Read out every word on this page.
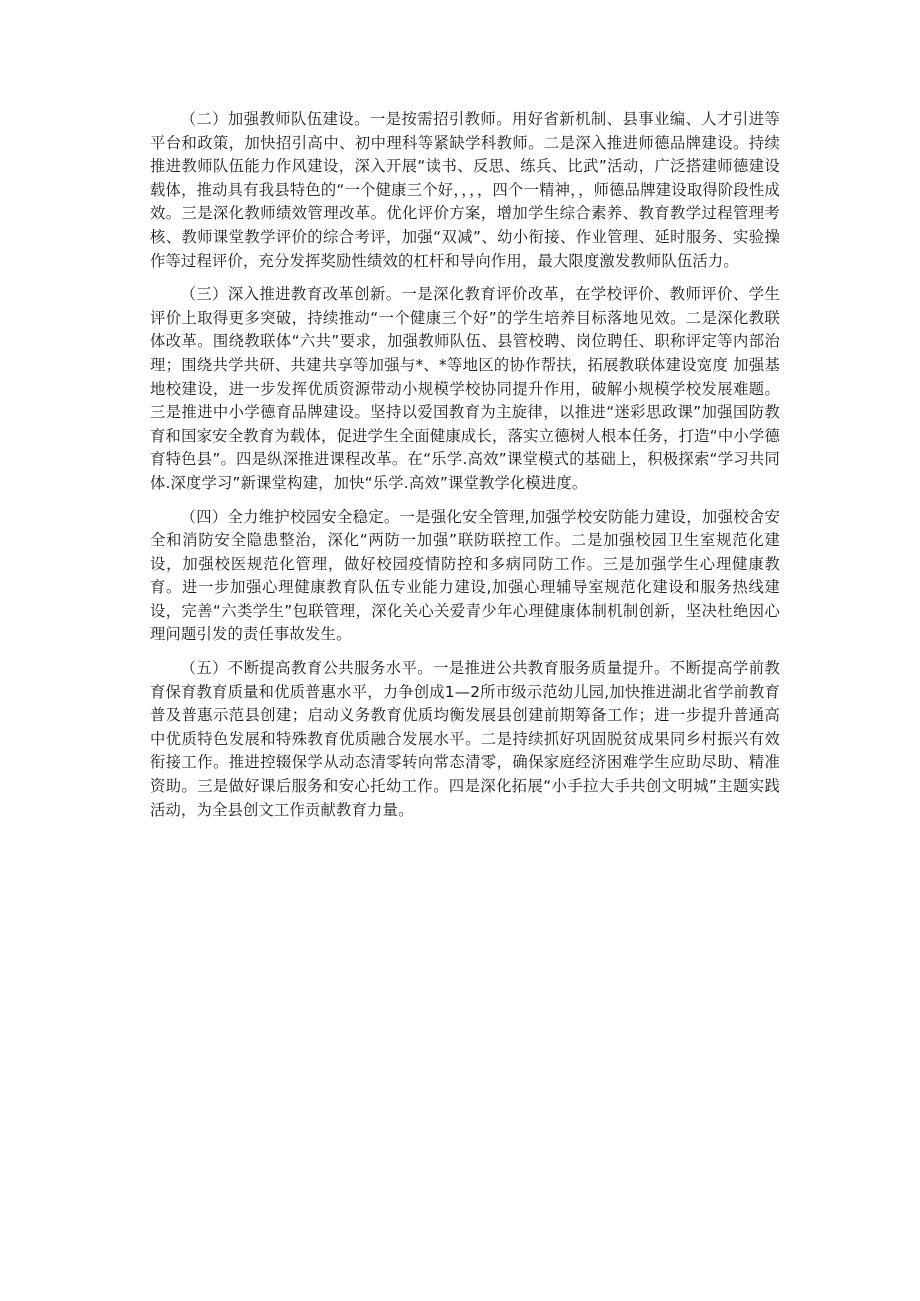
（二）加强教师队伍建设。一是按需招引教师。用好省新机制、县事业编、人才引进等平台和政策，加快招引高中、初中理科等紧缺学科教师。二是深入推进师德品牌建设。持续推进教师队伍能力作风建设，深入开展“读书、反思、练兵、比武”活动，广泛搭建师德建设载体，推动具有我县特色的“一个健康三个好，，，，四个一精神，，师德品牌建设取得阶段性成效。三是深化教师绩效管理改革。优化评价方案，增加学生综合素养、教育教学过程管理考核、教师课堂教学评价的综合考评，加强“双减”、幼小衔接、作业管理、延时服务、实验操作等过程评价，充分发挥奖励性绩效的杠杆和导向作用，最大限度激发教师队伍活力。

（三）深入推进教育改革创新。一是深化教育评价改革，在学校评价、教师评价、学生评价上取得更多突破，持续推动“一个健康三个好”的学生培养目标落地见效。二是深化教联体改革。围绕教联体“六共”要求，加强教师队伍、县管校聘、岗位聘任、职称评定等内部治理；围绕共学共研、共建共享等加强与*、*等地区的协作帮扶，拓展教联体建设宽度 加强基地校建设，进一步发挥优质资源带动小规模学校协同提升作用，破解小规模学校发展难题。三是推进中小学德育品牌建设。坚持以爱国教育为主旋律，以推进“迷彩思政课”加强国防教育和国家安全教育为载体，促进学生全面健康成长，落实立德树人根本任务，打造“中小学德育特色县”。四是纵深推进课程改革。在“乐学.高效”课堂模式的基础上，积极探索“学习共同体.深度学习”新课堂构建，加快“乐学.高效”课堂教学化模进度。

（四）全力维护校园安全稳定。一是强化安全管理,加强学校安防能力建设，加强校舍安全和消防安全隐患整治，深化“两防一加强”联防联控工作。二是加强校园卫生室规范化建设，加强校医规范化管理，做好校园疫情防控和多病同防工作。三是加强学生心理健康教育。进一步加强心理健康教育队伍专业能力建设,加强心理辅导室规范化建设和服务热线建设，完善“六类学生”包联管理，深化关心关爱青少年心理健康体制机制创新，坚决杜绝因心理问题引发的责任事故发生。

（五）不断提高教育公共服务水平。一是推进公共教育服务质量提升。不断提高学前教育保育教育质量和优质普惠水平，力争创成1—2所市级示范幼儿园,加快推进湖北省学前教育普及普惠示范县创建；启动义务教育优质均衡发展县创建前期筹备工作；进一步提升普通高中优质特色发展和特殊教育优质融合发展水平。二是持续抓好巩固脱贫成果同乡村振兴有效衔接工作。推进控辍保学从动态清零转向常态清零，确保家庭经济困难学生应助尽助、精准资助。三是做好课后服务和安心托幼工作。四是深化拓展“小手拉大手共创文明城”主题实践活动，为全县创文工作贡献教育力量。
